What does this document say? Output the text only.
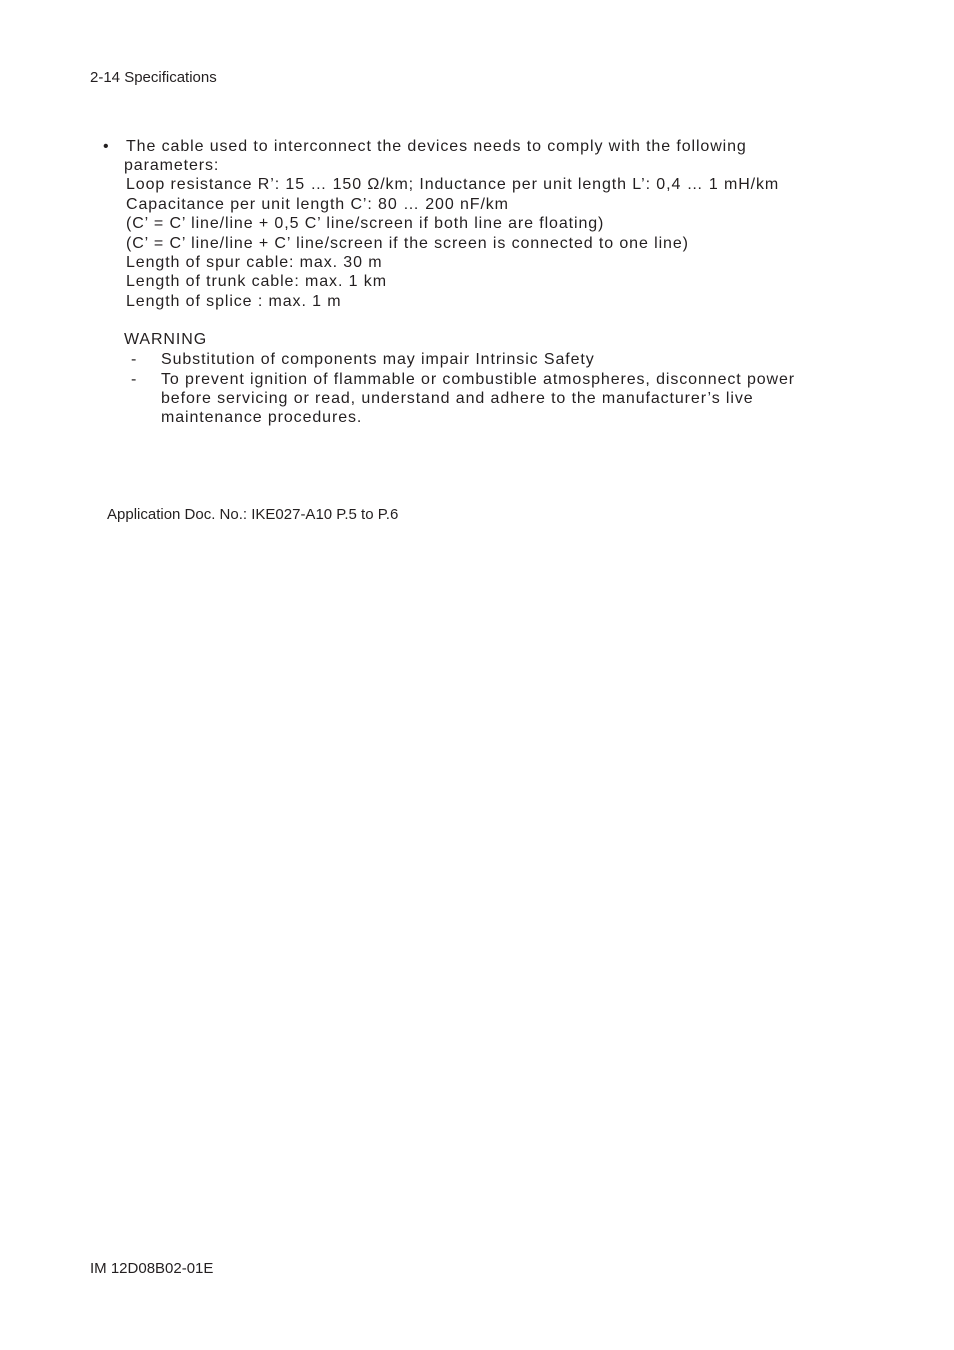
2-14 Specifications
•	The cable used to interconnect the devices needs to comply with the following
parameters:
Loop resistance R’: 15 … 150 Ω/km; Inductance per unit length L’: 0,4 … 1 mH/km
Capacitance per unit length C’: 80 … 200 nF/km
(C’ = C’ line/line + 0,5 C’ line/screen if both line are floating)
(C’ = C’ line/line + C’ line/screen if the screen is connected to one line)
Length of spur cable: max. 30 m
Length of trunk cable: max. 1 km
Length of splice : max. 1 m
WARNING
-	Substitution of components may impair Intrinsic Safety
-	To prevent ignition of flammable or combustible atmospheres, disconnect power
before servicing or read, understand and adhere to the manufacturer’s live
maintenance procedures.
Application Doc. No.: IKE027-A10 P.5 to P.6
IM 12D08B02-01E
